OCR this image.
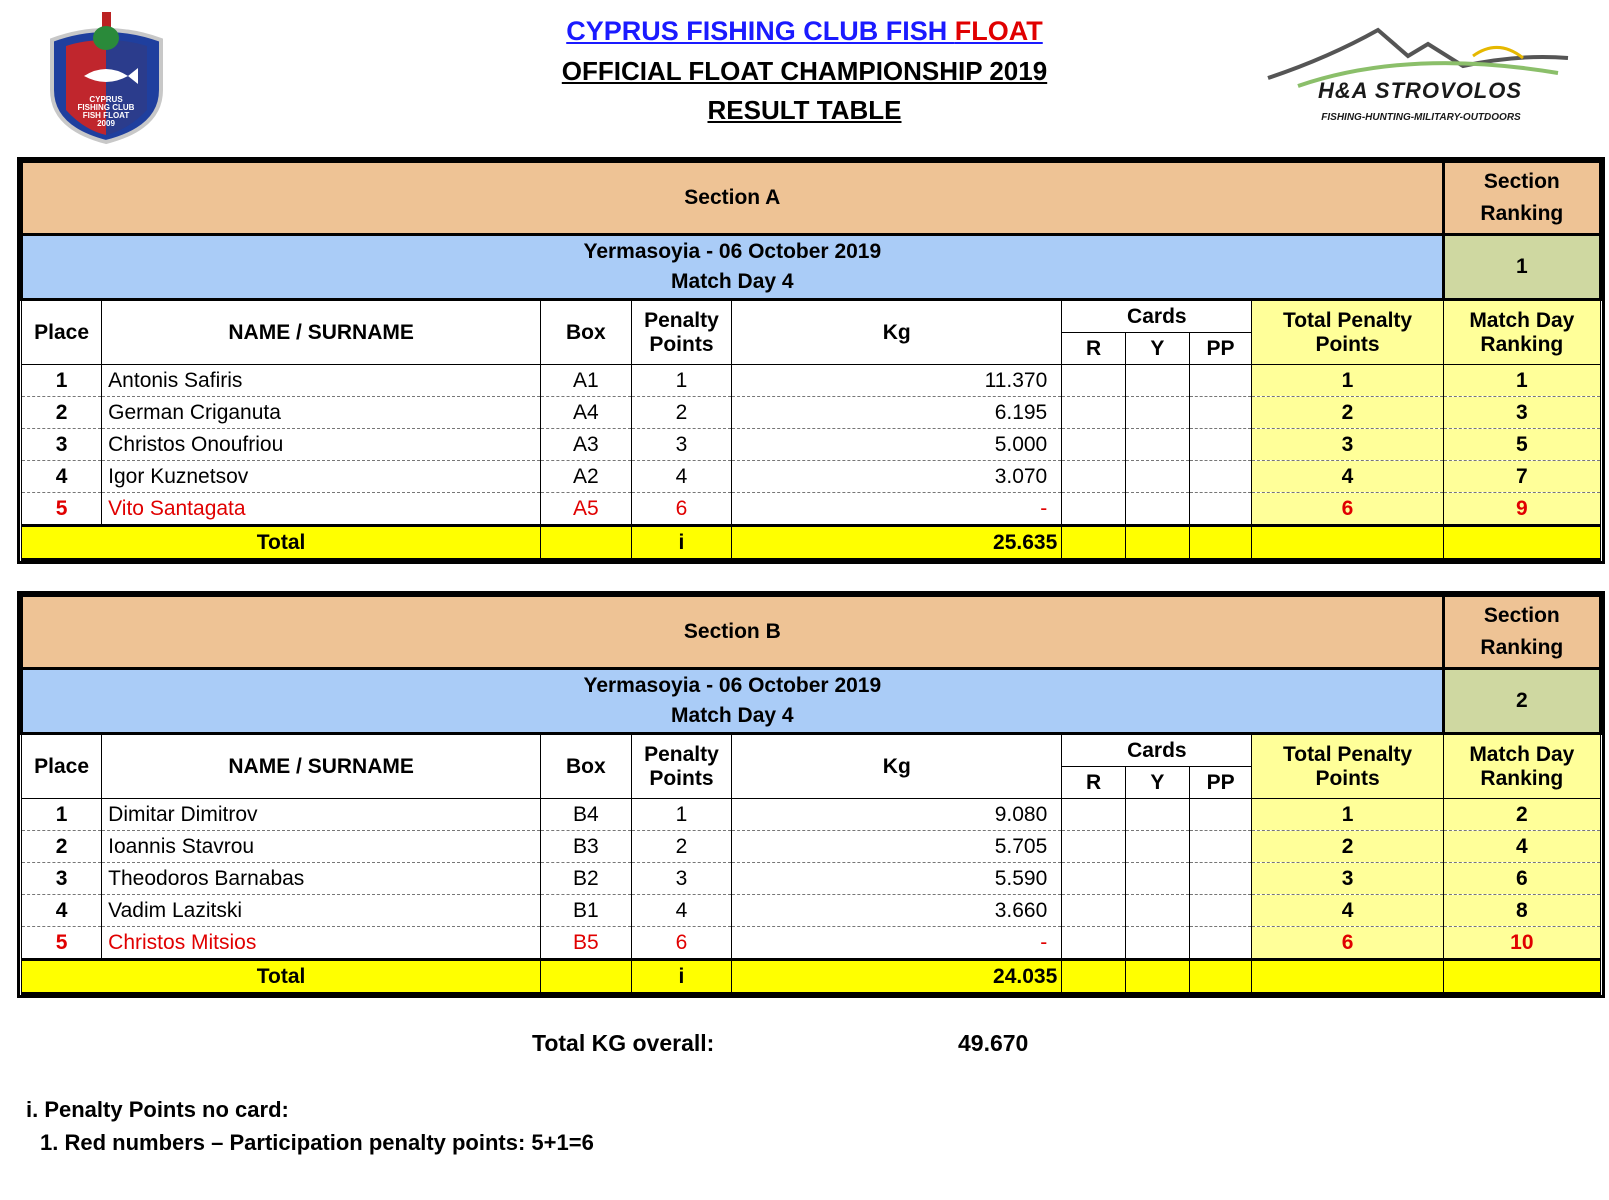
CYPRUS FISHING CLUB FISH FLOAT
OFFICIAL FLOAT CHAMPIONSHIP 2019
RESULT TABLE
CYPRUS
FISHING CLUB
FISH FLOAT
2009
H&A STROVOLOS
FISHING-HUNTING-MILITARY-OUTDOORS
Section A									Section
Ranking
Yermasoyia - 06 October 2019
Match Day 4									1
Place	NAME / SURNAME	Box	Penalty
Points	Kg	Cards			Total Penalty
Points	Match Day
Ranking
					R	Y	PP		
1	Antonis Safiris	A1	1	11.370				1	1
2	German Criganuta	A4	2	6.195				2	3
3	Christos Onoufriou	A3	3	5.000				3	5
4	Igor Kuznetsov	A2	4	3.070				4	7
5	Vito Santagata	A5	6	-				6	9
Total			i	25.635					
Section B									Section
Ranking
Yermasoyia - 06 October 2019
Match Day 4									2
Place	NAME / SURNAME	Box	Penalty
Points	Kg	Cards			Total Penalty
Points	Match Day
Ranking
					R	Y	PP		
1	Dimitar Dimitrov	B4	1	9.080				1	2
2	Ioannis Stavrou	B3	2	5.705				2	4
3	Theodoros Barnabas	B2	3	5.590				3	6
4	Vadim Lazitski	B1	4	3.660				4	8
5	Christos Mitsios	B5	6	-				6	10
Total			i	24.035					
Total KG overall:	49.670
i. Penalty Points no card:
1. Red numbers – Participation penalty points: 5+1=6
